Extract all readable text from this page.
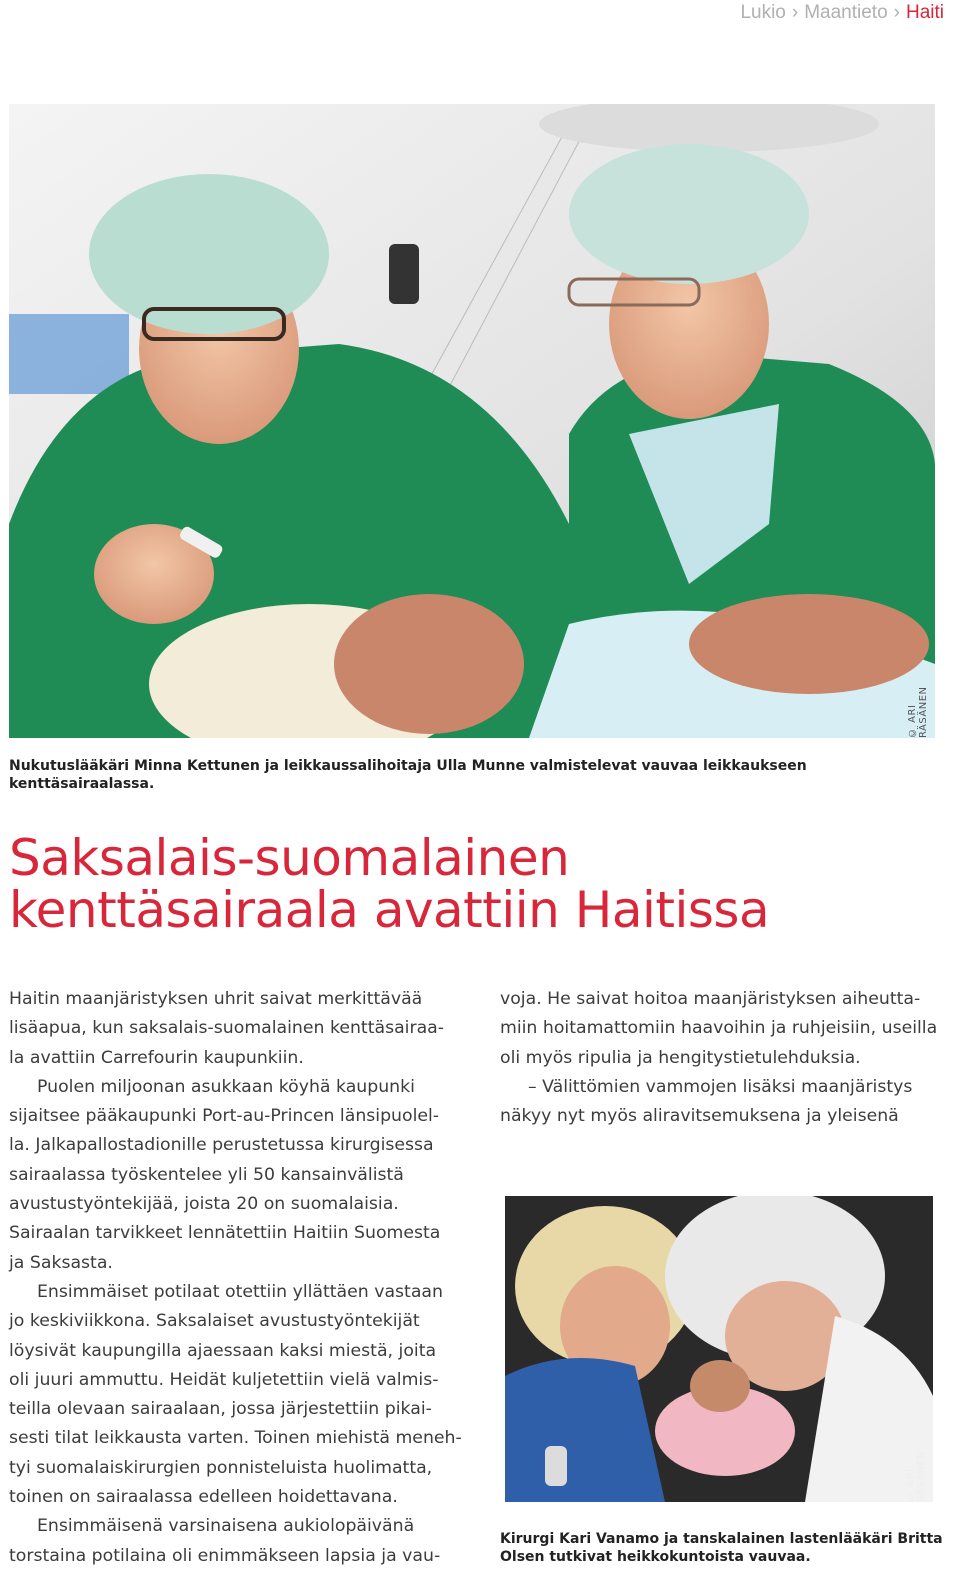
Lukio › Maantieto › Haiti
© ARI RÄSÄNEN
Nukutuslääkäri Minna Kettunen ja leikkaussalihoitaja Ulla Munne valmistelevat vauvaa leikkaukseen kenttäsairaalassa.
Saksalais-suomalainen
kenttäsairaala avattiin Haitissa
Haitin maanjäristyksen uhrit saivat merkittävää
lisäapua, kun saksalais-suomalainen kenttäsairaa-
la avattiin Carrefourin kaupunkiin.
Puolen miljoonan asukkaan köyhä kaupunki
sijaitsee pääkaupunki Port-au-Princen länsipuolel-
la. Jalkapallostadionille perustetussa kirurgisessa
sairaalassa työskentelee yli 50 kansainvälistä
avustustyöntekijää, joista 20 on suomalaisia.
Sairaalan tarvikkeet lennätettiin Haitiin Suomesta
ja Saksasta.
Ensimmäiset potilaat otettiin yllättäen vastaan
jo keskiviikkona. Saksalaiset avustustyöntekijät
löysivät kaupungilla ajaessaan kaksi miestä, joita
oli juuri ammuttu. Heidät kuljetettiin vielä valmis-
teilla olevaan sairaalaan, jossa järjestettiin pikai-
sesti tilat leikkausta varten. Toinen miehistä meneh-
tyi suomalaiskirurgien ponnisteluista huolimatta,
toinen on sairaalassa edelleen hoidettavana.
Ensimmäisenä varsinaisena aukiolopäivänä
torstaina potilaina oli enimmäkseen lapsia ja vau-
voja. He saivat hoitoa maanjäristyksen aiheutta-
miin hoitamattomiin haavoihin ja ruhjeisiin, useilla
oli myös ripulia ja hengitystietulehduksia.
– Välittömien vammojen lisäksi maanjäristys
näkyy nyt myös aliravitsemuksena ja yleisenä
© ARI RÄSÄNEN
Kirurgi Kari Vanamo ja tanskalainen lastenlääkäri Britta
Olsen tutkivat heikkokuntoista vauvaa.
